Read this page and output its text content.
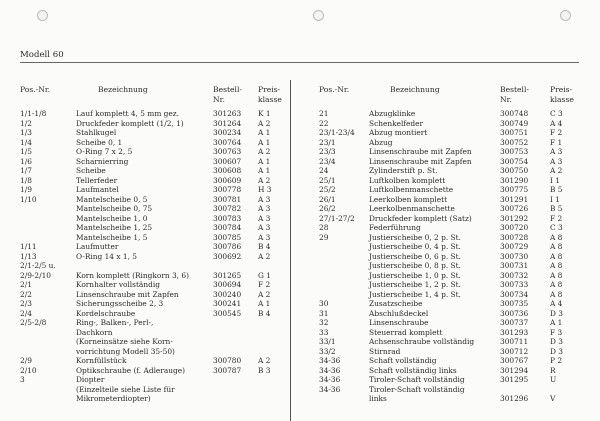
Modell 60
Pos.-Nr.	Bezeichnung	Bestell-
Nr.
Preis-
klasse
Pos.-Nr.	Bezeichnung	Bestell-
Nr.
Preis-
klasse
1/1-1/8	Lauf komplett 4, 5 mm gez.	301263 K 1
1/2	Druckfeder komplett (1/2, 1)	301264 A 2
1/3	Stahlkugel	300234 A 1
1/4	Scheibe 0, 1	300764 A 1
1/5	O-Ring 7 x 2, 5	300763 A 2
1/6	Scharnierring	300607 A 1
1/7	Scheibe	300608 A 1
1/8	Tellerfeder	300609 A 2
1/9	Laufmantel	300778 H 3
1/10	Mantelscheibe 0, 5	300781 A 3
Mantelscheibe 0, 75	300782 A 3
Mantelscheibe 1, 0	300783 A 3
Mantelscheibe 1, 25	300784 A 3
Mantelscheibe 1, 5	300785 A 3
1/11	Laufmutter	300786 B 4
1/13	O-Ring 14 x 1, 5	300692 A 2
2/1-2/5 u.
2/9-2/10	Korn komplett (Ringkorn 3, 6)	301265 G 1
2/1	Kornhalter vollständig	300694 F 2
2/2	Linsenschraube mit Zapfen	300240 A 2
2/3	Sicherungsscheibe 2, 3	300241 A 1
2/4	Kordelschraube	300545 B 4
2/5-2/8	Ring-, Balken-, Perl-,
Dachkorn
(Korneinsätze siehe Korn-
vorrichtung Modell 35-50)
2/9	Kornfüllstück	300780 A 2
2/10	Optikschraube (f. Adlerauge)	300787 B 3
3	Diopter
(Einzelteile siehe Liste für
Mikrometerdiopter)
21	Abzugklinke	300748	C 3
22	Schenkelfeder	300749	A 4
23/1-23/4 Abzug montiert	300751	F 2
23/1	Abzug	300752	F 1
23/3	Linsenschraube mit Zapfen	300753	A 3
23/4	Linsenschraube mit Zapfen	300754	A 3
24	Zylinderstift p. St.	300750	A 2
25/1	Luftkolben komplett	301290	I 1
25/2	Luftkolbenmanschette	300775	B 5
26/1	Leerkolben komplett	301291	I 1
26/2	Leerkolbenmanschette	300726	B 5
27/1-27/2 Druckfeder komplett (Satz)	301292	F 2
28	Federführung	300720	C 3
29	Justierscheibe 0, 2 p. St.	300728	A 8
Justierscheibe 0, 4 p. St.	300729	A 8
Justierscheibe 0, 6 p. St.	300730	A 8
Justierscheibe 0, 8 p. St.	300731	A 8
Justierscheibe 1, 0 p. St.	300732	A 8
Justierscheibe 1, 2 p. St.	300733	A 8
Justierscheibe 1, 4 p. St.	300734	A 8
30	Zusatzscheibe	300735	A 4
31	Abschlußdeckel	300736	D 3
32	Linsenschraube	300737	A 1
33	Steuerrad komplett	301293	F 3
33/1	Achsenschraube vollständig	300711	D 3
33/2	Stirnrad	300712	D 3
34-36	Schaft vollständig	300767	P 2
34-36	Schaft vollständig links	301294	R
34-36	Tiroler-Schaft vollständig	301295	U
34-36	Tiroler-Schaft vollständig
links	301296	V
